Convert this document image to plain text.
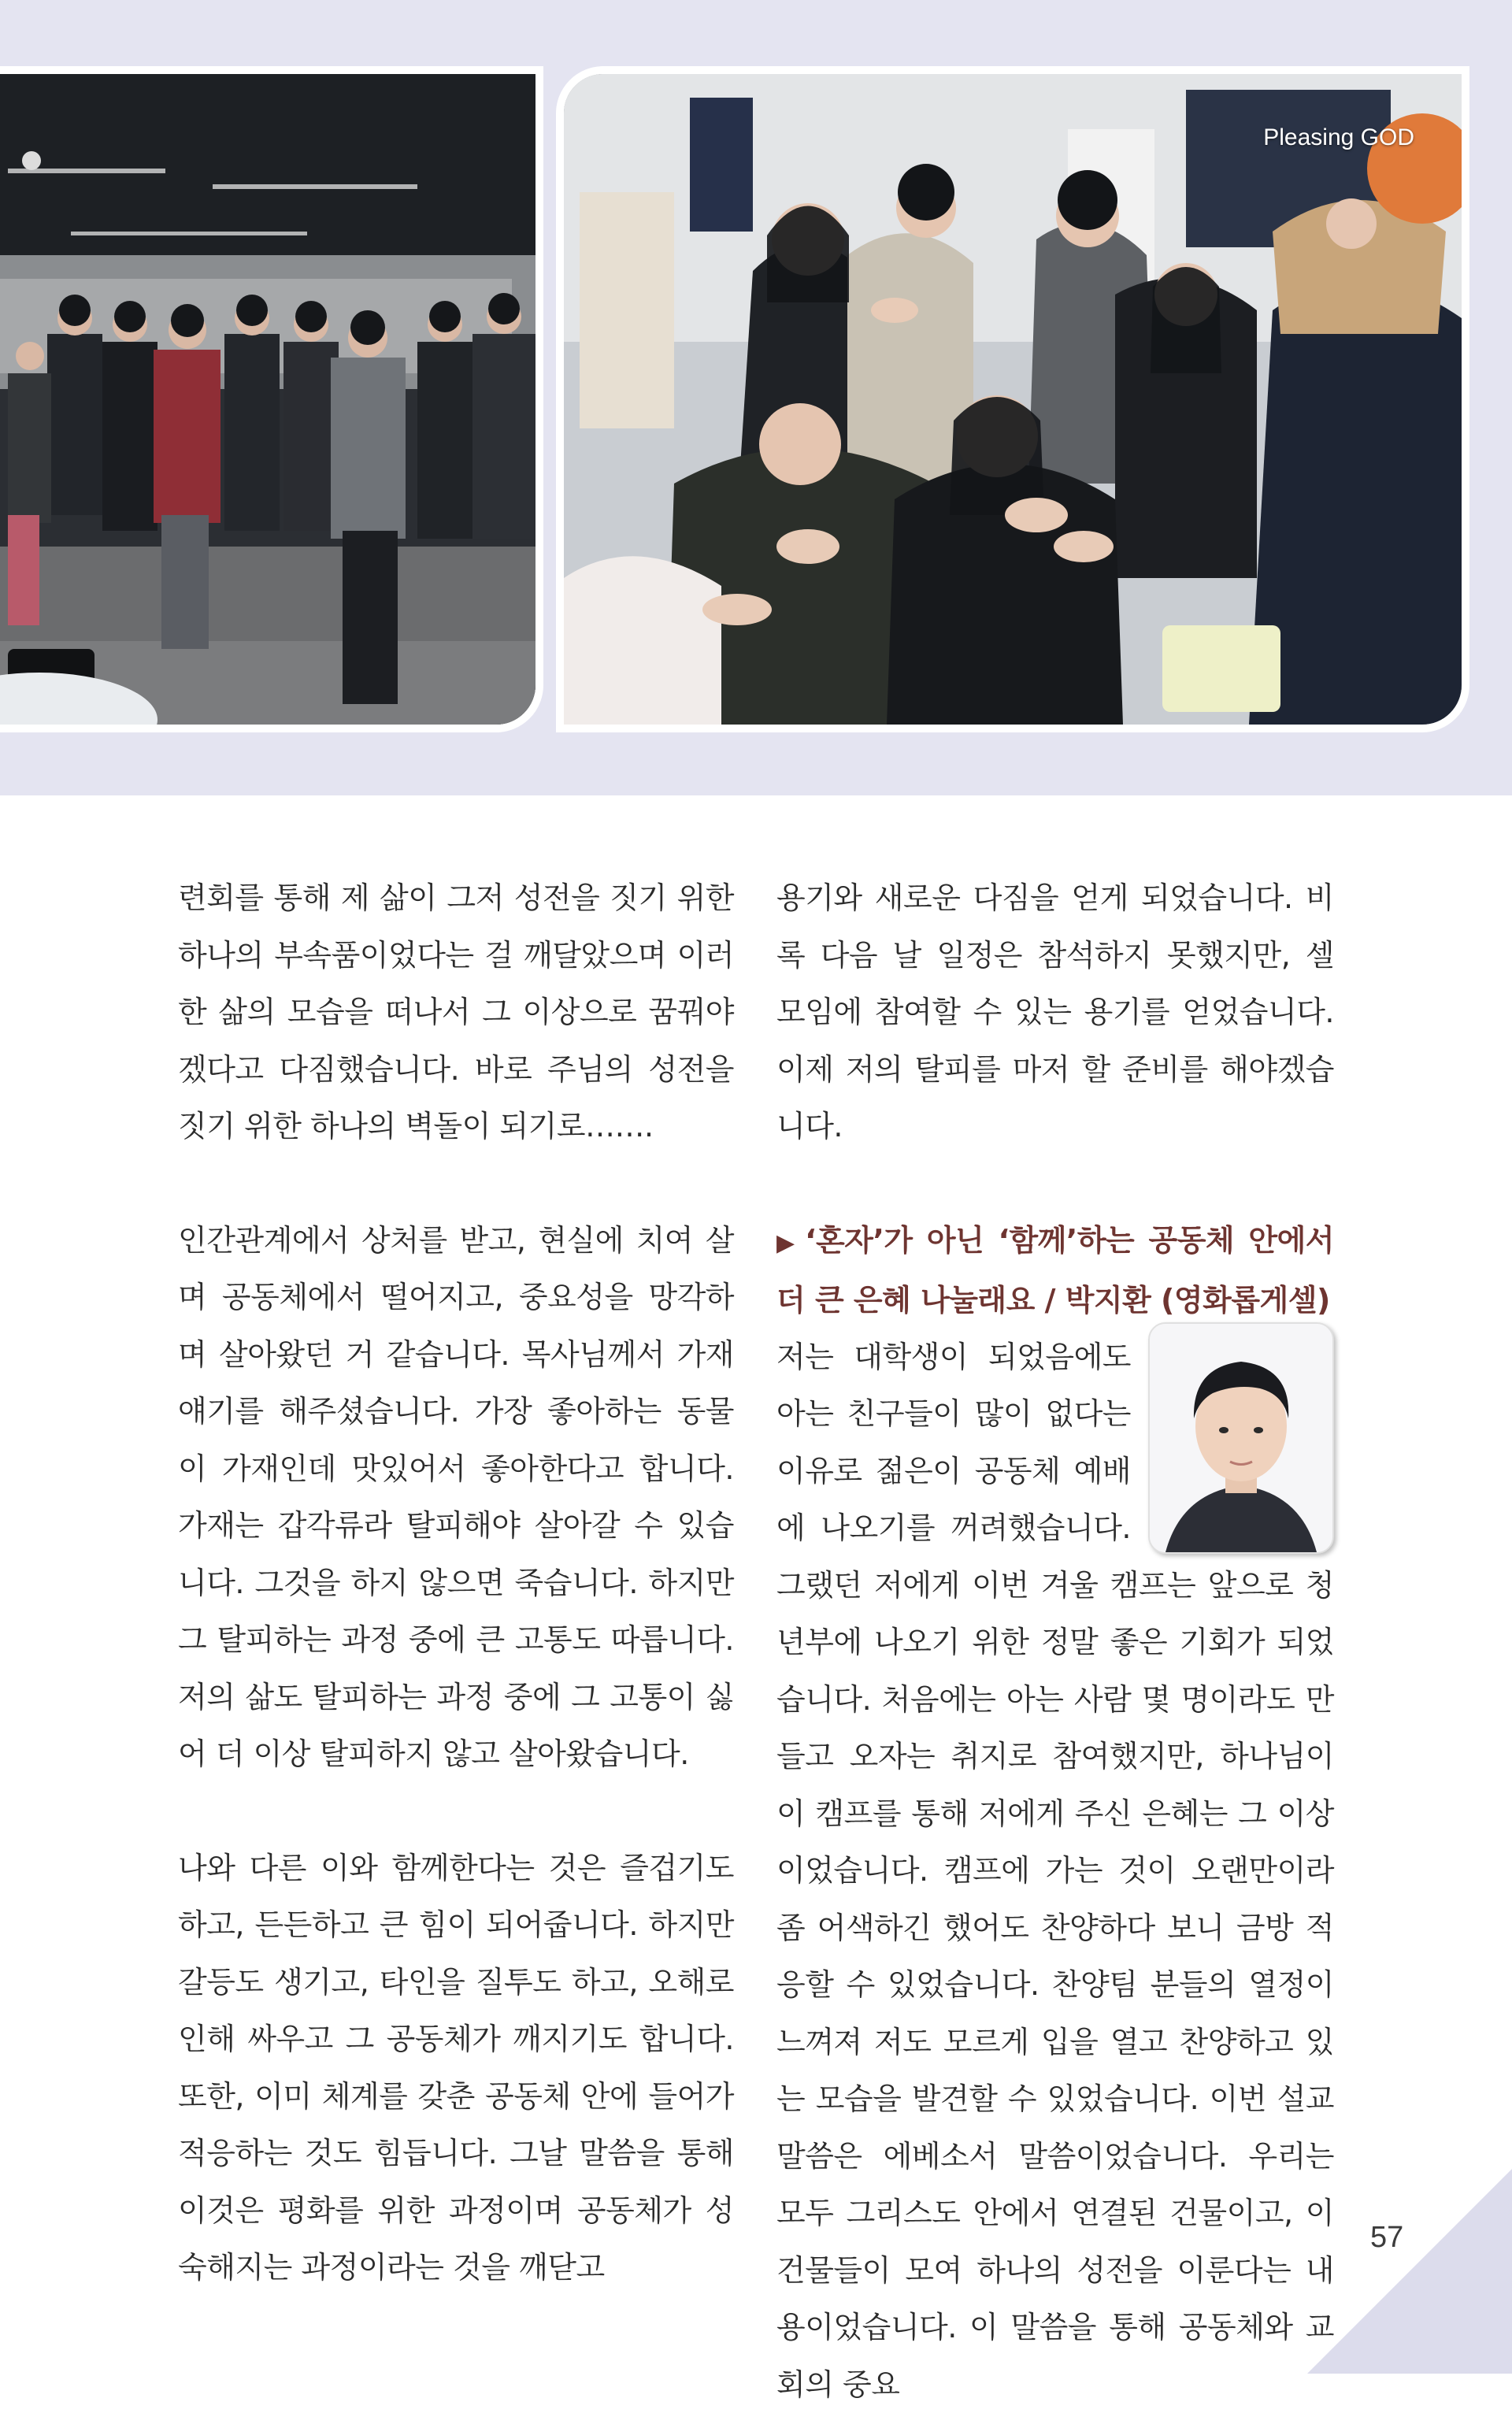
Pleasing GOD

련회를 통해 제 삶이 그저 성전을 짓기 위한 하나의 부속품이었다는 걸 깨달았으며 이러한 삶의 모습을 떠나서 그 이상으로 꿈꿔야겠다고 다짐했습니다. 바로 주님의 성전을 짓기 위한 하나의 벽돌이 되기로…….

인간관계에서 상처를 받고, 현실에 치여 살며 공동체에서 떨어지고, 중요성을 망각하며 살아왔던 거 같습니다. 목사님께서 가재 얘기를 해주셨습니다. 가장 좋아하는 동물이 가재인데 맛있어서 좋아한다고 합니다. 가재는 갑각류라 탈피해야 살아갈 수 있습니다. 그것을 하지 않으면 죽습니다. 하지만 그 탈피하는 과정 중에 큰 고통도 따릅니다. 저의 삶도 탈피하는 과정 중에 그 고통이 싫어 더 이상 탈피하지 않고 살아왔습니다.

나와 다른 이와 함께한다는 것은 즐겁기도 하고, 든든하고 큰 힘이 되어줍니다. 하지만 갈등도 생기고, 타인을 질투도 하고, 오해로 인해 싸우고 그 공동체가 깨지기도 합니다. 또한, 이미 체계를 갖춘 공동체 안에 들어가 적응하는 것도 힘듭니다. 그날 말씀을 통해 이것은 평화를 위한 과정이며 공동체가 성숙해지는 과정이라는 것을 깨닫고

용기와 새로운 다짐을 얻게 되었습니다. 비록 다음 날 일정은 참석하지 못했지만, 셀 모임에 참여할 수 있는 용기를 얻었습니다. 이제 저의 탈피를 마저 할 준비를 해야겠습니다.

▶ ‘혼자’가 아닌 ‘함께’하는 공동체 안에서 더 큰 은혜 나눌래요 / 박지환 (영화롭게셀)

저는 대학생이 되었음에도 아는 친구들이 많이 없다는 이유로 젊은이 공동체 예배에 나오기를 꺼려했습니다. 그랬던 저에게 이번 겨울 캠프는 앞으로 청년부에 나오기 위한 정말 좋은 기회가 되었습니다. 처음에는 아는 사람 몇 명이라도 만들고 오자는 취지로 참여했지만, 하나님이 이 캠프를 통해 저에게 주신 은혜는 그 이상이었습니다. 캠프에 가는 것이 오랜만이라 좀 어색하긴 했어도 찬양하다 보니 금방 적응할 수 있었습니다. 찬양팀 분들의 열정이 느껴져 저도 모르게 입을 열고 찬양하고 있는 모습을 발견할 수 있었습니다. 이번 설교 말씀은 에베소서 말씀이었습니다. 우리는 모두 그리스도 안에서 연결된 건물이고, 이 건물들이 모여 하나의 성전을 이룬다는 내용이었습니다. 이 말씀을 통해 공동체와 교회의 중요

57
